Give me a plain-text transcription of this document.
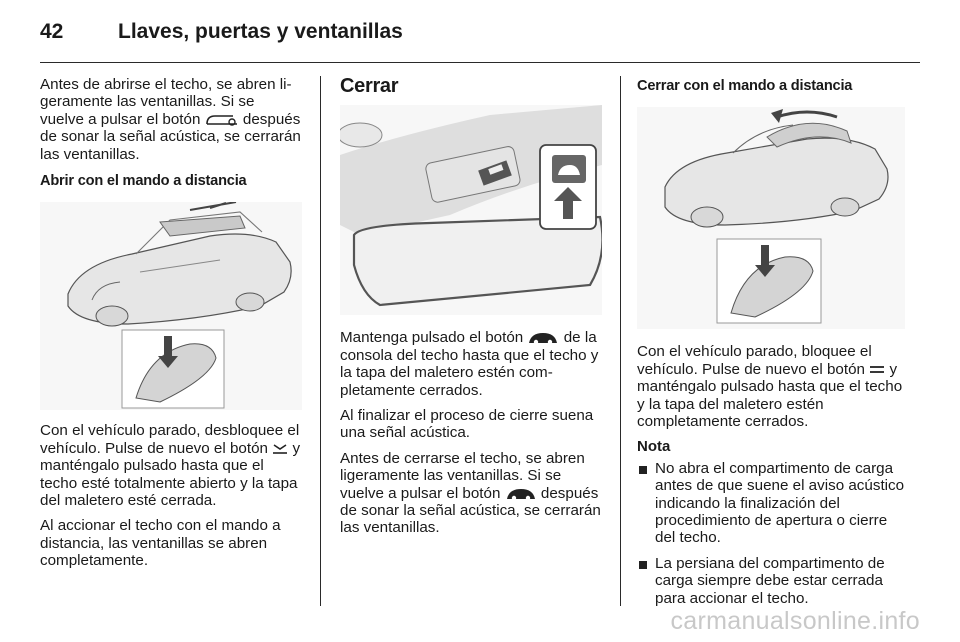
42	Llaves, puertas y ventanillas

Antes de abrirse el techo, se abren ligeramente las ventanillas. Si se vuelve a pulsar el botón	después de sonar la señal acústica, se cerrarán las ventanillas.

Abrir con el mando a distancia

Con el vehículo parado, desbloquee el vehículo. Pulse de nuevo el botón y manténgalo pulsado hasta que el techo esté totalmente abierto y la tapa del maletero esté cerrada.

Al accionar el techo con el mando a distancia, las ventanillas se abren completamente.

Cerrar

Mantenga pulsado el botón	de la consola del techo hasta que el techo y la tapa del maletero estén completamente cerrados.

Al finalizar el proceso de cierre suena una señal acústica.

Antes de cerrarse el techo, se abren ligeramente las ventanillas. Si se vuelve a pulsar el botón	después de sonar la señal acústica, se cerrarán las ventanillas.

Cerrar con el mando a distancia

Con el vehículo parado, bloquee el vehículo. Pulse de nuevo el botón y manténgalo pulsado hasta que el techo y la tapa del maletero estén completamente cerrados.

Nota
No abra el compartimento de carga antes de que suene el aviso acústico indicando la finalización del procedimiento de apertura o cierre del techo.
La persiana del compartimento de carga siempre debe estar cerrada para accionar el techo.
carmanualsonline.info
